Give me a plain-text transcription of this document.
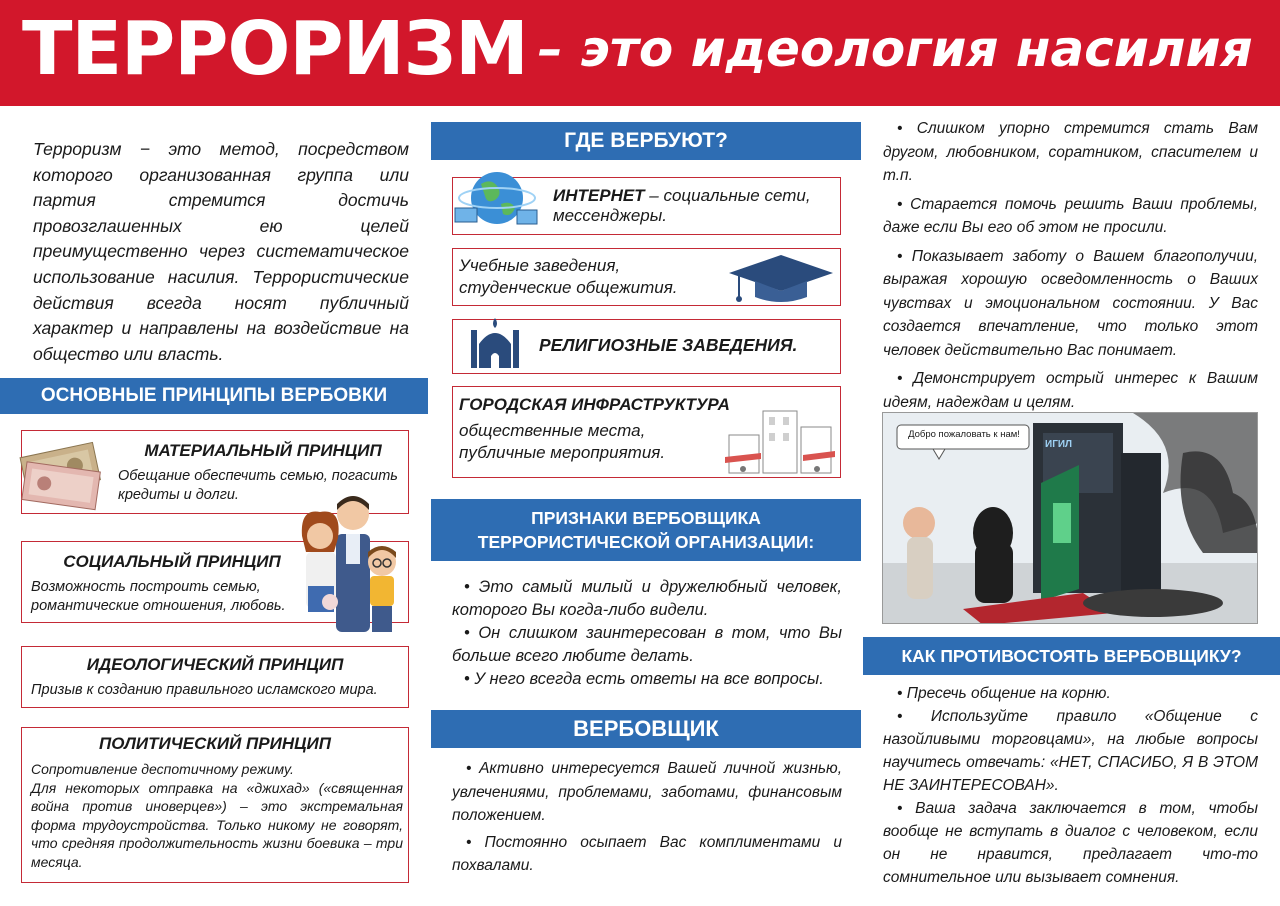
ТЕРРОРИЗМ – это идеология насилия

Терроризм − это метод, посредством которого организованная группа или партия стремится достичь провозглашенных ею целей преимущественно через систематическое использование насилия. Террористические действия всегда носят публичный характер и направлены на воздействие на общество или власть.

ОСНОВНЫЕ ПРИНЦИПЫ ВЕРБОВКИ
МАТЕРИАЛЬНЫЙ ПРИНЦИП
Обещание обеспечить семью, погасить кредиты и долги.
СОЦИАЛЬНЫЙ ПРИНЦИП
Возможность построить семью, романтические отношения, любовь.
ИДЕОЛОГИЧЕСКИЙ ПРИНЦИП
Призыв к созданию правильного исламского мира.
ПОЛИТИЧЕСКИЙ ПРИНЦИП
Сопротивление деспотичному режиму.
Для некоторых отправка на «джихад» («священная война против иноверцев») – это экстремальная форма трудоустройства. Только никому не говорят, что средняя продолжительность жизни боевика – три месяца.
ГДЕ ВЕРБУЮТ?
ИНТЕРНЕТ – социальные сети, мессенджеры.
Учебные заведения, студенческие общежития.
РЕЛИГИОЗНЫЕ ЗАВЕДЕНИЯ.
ГОРОДСКАЯ ИНФРАСТРУКТУРА
общественные места,
публичные мероприятия.
ПРИЗНАКИ ВЕРБОВЩИКА
ТЕРРОРИСТИЧЕСКОЙ ОРГАНИЗАЦИИ:

• Это самый милый и дружелюбный человек, которого Вы когда-либо видели.

• Он слишком заинтересован в том, что Вы больше всего любите делать.

• У него всегда есть ответы на все вопросы.

ВЕРБОВЩИК

• Активно интересуется Вашей личной жизнью, увлечениями, проблемами, заботами, финансовым положением.

• Постоянно осыпает Вас комплиментами и похвалами.

• Слишком упорно стремится стать Вам другом, любовником, соратником, спасителем и т.п.

• Старается помочь решить Ваши проблемы, даже если Вы его об этом не просили.

• Показывает заботу о Вашем благополучии, выражая хорошую осведомленность о Ваших чувствах и эмоциональном состоянии. У Вас создается впечатление, что только этот человек действительно Вас понимает.

• Демонстрирует острый интерес к Вашим идеям, надеждам и целям.

Добро пожаловать к нам!
ИГИЛ
КАК ПРОТИВОСТОЯТЬ ВЕРБОВЩИКУ?

• Пресечь общение на корню.

• Используйте правило «Общение с назойливыми торговцами», на любые вопросы научитесь отвечать: «НЕТ, СПАСИБО, Я В ЭТОМ НЕ ЗАИНТЕРЕСОВАН».

• Ваша задача заключается в том, чтобы вообще не вступать в диалог с человеком, если он не нравится, предлагает что-то сомнительное или вызывает сомнения.
